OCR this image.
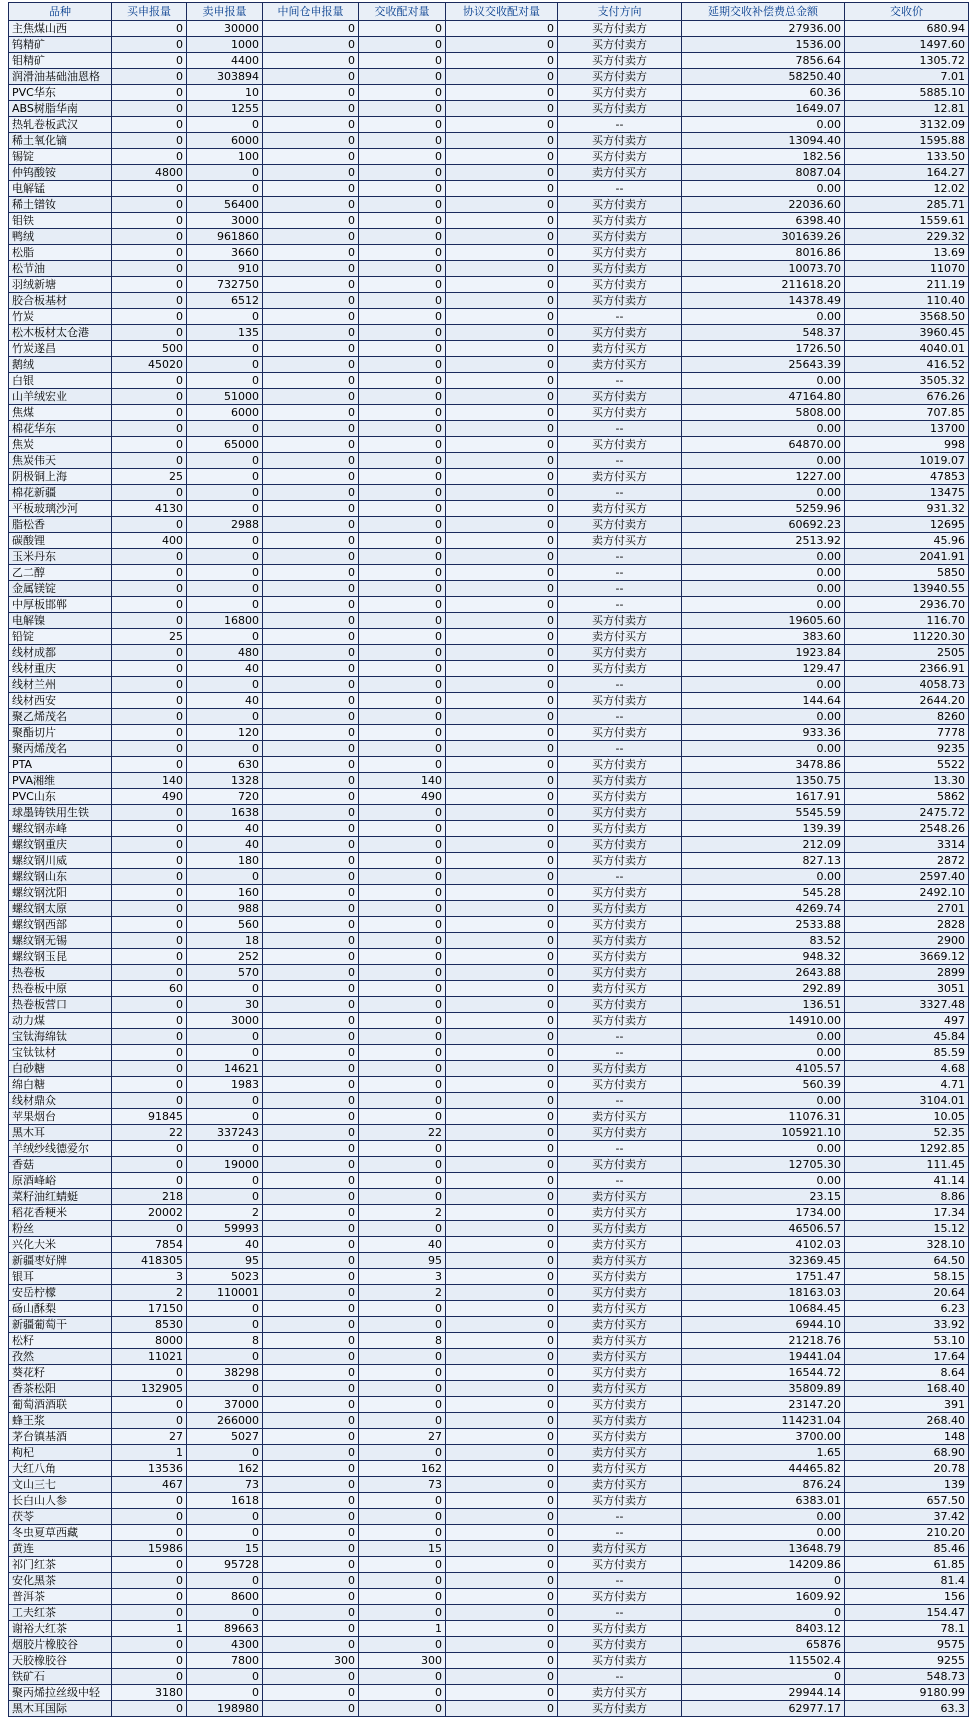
品种	买申报量	卖申报量	中间仓申报量	交收配对量	协议交收配对量	支付方向	延期交收补偿费总金额	交收价
主焦煤山西	0	30000	0	0	0	买方付卖方	27936.00	680.94
钨精矿	0	1000	0	0	0	买方付卖方	1536.00	1497.60
钼精矿	0	4400	0	0	0	买方付卖方	7856.64	1305.72
润滑油基础油恩格	0	303894	0	0	0	买方付卖方	58250.40	7.01
PVC华东	0	10	0	0	0	买方付卖方	60.36	5885.10
ABS树脂华南	0	1255	0	0	0	买方付卖方	1649.07	12.81
热轧卷板武汉	0	0	0	0	0	--	0.00	3132.09
稀土氧化镝	0	6000	0	0	0	买方付卖方	13094.40	1595.88
锡锭	0	100	0	0	0	买方付卖方	182.56	133.50
仲钨酸铵	4800	0	0	0	0	卖方付买方	8087.04	164.27
电解锰	0	0	0	0	0	--	0.00	12.02
稀土镨钕	0	56400	0	0	0	买方付卖方	22036.60	285.71
钼铁	0	3000	0	0	0	买方付卖方	6398.40	1559.61
鸭绒	0	961860	0	0	0	买方付卖方	301639.26	229.32
松脂	0	3660	0	0	0	买方付卖方	8016.86	13.69
松节油	0	910	0	0	0	买方付卖方	10073.70	11070
羽绒新塘	0	732750	0	0	0	买方付卖方	211618.20	211.19
胶合板基材	0	6512	0	0	0	买方付卖方	14378.49	110.40
竹炭	0	0	0	0	0	--	0.00	3568.50
松木板材太仓港	0	135	0	0	0	买方付卖方	548.37	3960.45
竹炭遂昌	500	0	0	0	0	卖方付买方	1726.50	4040.01
鹅绒	45020	0	0	0	0	卖方付买方	25643.39	416.52
白银	0	0	0	0	0	--	0.00	3505.32
山羊绒宏业	0	51000	0	0	0	买方付卖方	47164.80	676.26
焦煤	0	6000	0	0	0	买方付卖方	5808.00	707.85
棉花华东	0	0	0	0	0	--	0.00	13700
焦炭	0	65000	0	0	0	买方付卖方	64870.00	998
焦炭伟天	0	0	0	0	0	--	0.00	1019.07
阴极铜上海	25	0	0	0	0	卖方付买方	1227.00	47853
棉花新疆	0	0	0	0	0	--	0.00	13475
平板玻璃沙河	4130	0	0	0	0	卖方付买方	5259.96	931.32
脂松香	0	2988	0	0	0	买方付卖方	60692.23	12695
碳酸锂	400	0	0	0	0	卖方付买方	2513.92	45.96
玉米丹东	0	0	0	0	0	--	0.00	2041.91
乙二醇	0	0	0	0	0	--	0.00	5850
金属镁锭	0	0	0	0	0	--	0.00	13940.55
中厚板邯郸	0	0	0	0	0	--	0.00	2936.70
电解镍	0	16800	0	0	0	买方付卖方	19605.60	116.70
铅锭	25	0	0	0	0	卖方付买方	383.60	11220.30
线材成都	0	480	0	0	0	买方付卖方	1923.84	2505
线材重庆	0	40	0	0	0	买方付卖方	129.47	2366.91
线材兰州	0	0	0	0	0	--	0.00	4058.73
线材西安	0	40	0	0	0	买方付卖方	144.64	2644.20
聚乙烯茂名	0	0	0	0	0	--	0.00	8260
聚酯切片	0	120	0	0	0	买方付卖方	933.36	7778
聚丙烯茂名	0	0	0	0	0	--	0.00	9235
PTA	0	630	0	0	0	买方付卖方	3478.86	5522
PVA湘维	140	1328	0	140	0	买方付卖方	1350.75	13.30
PVC山东	490	720	0	490	0	买方付卖方	1617.91	5862
球墨铸铁用生铁	0	1638	0	0	0	买方付卖方	5545.59	2475.72
螺纹钢赤峰	0	40	0	0	0	买方付卖方	139.39	2548.26
螺纹钢重庆	0	40	0	0	0	买方付卖方	212.09	3314
螺纹钢川威	0	180	0	0	0	买方付卖方	827.13	2872
螺纹钢山东	0	0	0	0	0	--	0.00	2597.40
螺纹钢沈阳	0	160	0	0	0	买方付卖方	545.28	2492.10
螺纹钢太原	0	988	0	0	0	买方付卖方	4269.74	2701
螺纹钢西部	0	560	0	0	0	买方付卖方	2533.88	2828
螺纹钢无锡	0	18	0	0	0	买方付卖方	83.52	2900
螺纹钢玉昆	0	252	0	0	0	买方付卖方	948.32	3669.12
热卷板	0	570	0	0	0	买方付卖方	2643.88	2899
热卷板中原	60	0	0	0	0	卖方付买方	292.89	3051
热卷板营口	0	30	0	0	0	买方付卖方	136.51	3327.48
动力煤	0	3000	0	0	0	买方付卖方	14910.00	497
宝钛海绵钛	0	0	0	0	0	--	0.00	45.84
宝钛钛材	0	0	0	0	0	--	0.00	85.59
白砂糖	0	14621	0	0	0	买方付卖方	4105.57	4.68
绵白糖	0	1983	0	0	0	买方付卖方	560.39	4.71
线材鼎众	0	0	0	0	0	--	0.00	3104.01
苹果烟台	91845	0	0	0	0	卖方付买方	11076.31	10.05
黑木耳	22	337243	0	22	0	买方付卖方	105921.10	52.35
羊绒纱线德爱尔	0	0	0	0	0	--	0.00	1292.85
香菇	0	19000	0	0	0	买方付卖方	12705.30	111.45
原酒峰峪	0	0	0	0	0	--	0.00	41.14
菜籽油红蜻蜓	218	0	0	0	0	卖方付买方	23.15	8.86
稻花香粳米	20002	2	0	2	0	卖方付买方	1734.00	17.34
粉丝	0	59993	0	0	0	买方付卖方	46506.57	15.12
兴化大米	7854	40	0	40	0	卖方付买方	4102.03	328.10
新疆枣好牌	418305	95	0	95	0	卖方付买方	32369.45	64.50
银耳	3	5023	0	3	0	买方付卖方	1751.47	58.15
安岳柠檬	2	110001	0	2	0	买方付卖方	18163.03	20.64
砀山酥梨	17150	0	0	0	0	卖方付买方	10684.45	6.23
新疆葡萄干	8530	0	0	0	0	卖方付买方	6944.10	33.92
松籽	8000	8	0	8	0	卖方付买方	21218.76	53.10
孜然	11021	0	0	0	0	卖方付买方	19441.04	17.64
葵花籽	0	38298	0	0	0	买方付卖方	16544.72	8.64
香茶松阳	132905	0	0	0	0	卖方付买方	35809.89	168.40
葡萄酒酒联	0	37000	0	0	0	买方付卖方	23147.20	391
蜂王浆	0	266000	0	0	0	买方付卖方	114231.04	268.40
茅台镇基酒	27	5027	0	27	0	买方付卖方	3700.00	148
枸杞	1	0	0	0	0	卖方付买方	1.65	68.90
大红八角	13536	162	0	162	0	卖方付买方	44465.82	20.78
文山三七	467	73	0	73	0	卖方付买方	876.24	139
长白山人参	0	1618	0	0	0	买方付卖方	6383.01	657.50
茯苓	0	0	0	0	0	--	0.00	37.42
冬虫夏草西藏	0	0	0	0	0	--	0.00	210.20
黄连	15986	15	0	15	0	卖方付买方	13648.79	85.46
祁门红茶	0	95728	0	0	0	买方付卖方	14209.86	61.85
安化黑茶	0	0	0	0	0	--	0	81.4
普洱茶	0	8600	0	0	0	买方付卖方	1609.92	156
工夫红茶	0	0	0	0	0	--	0	154.47
谢裕大红茶	1	89663	0	1	0	买方付卖方	8403.12	78.1
烟胶片橡胶谷	0	4300	0	0	0	买方付卖方	65876	9575
天胶橡胶谷	0	7800	300	300	0	买方付卖方	115502.4	9255
铁矿石	0	0	0	0	0	--	0	548.73
聚丙烯拉丝级中轻	3180	0	0	0	0	卖方付买方	29944.14	9180.99
黑木耳国际	0	198980	0	0	0	买方付卖方	62977.17	63.3
